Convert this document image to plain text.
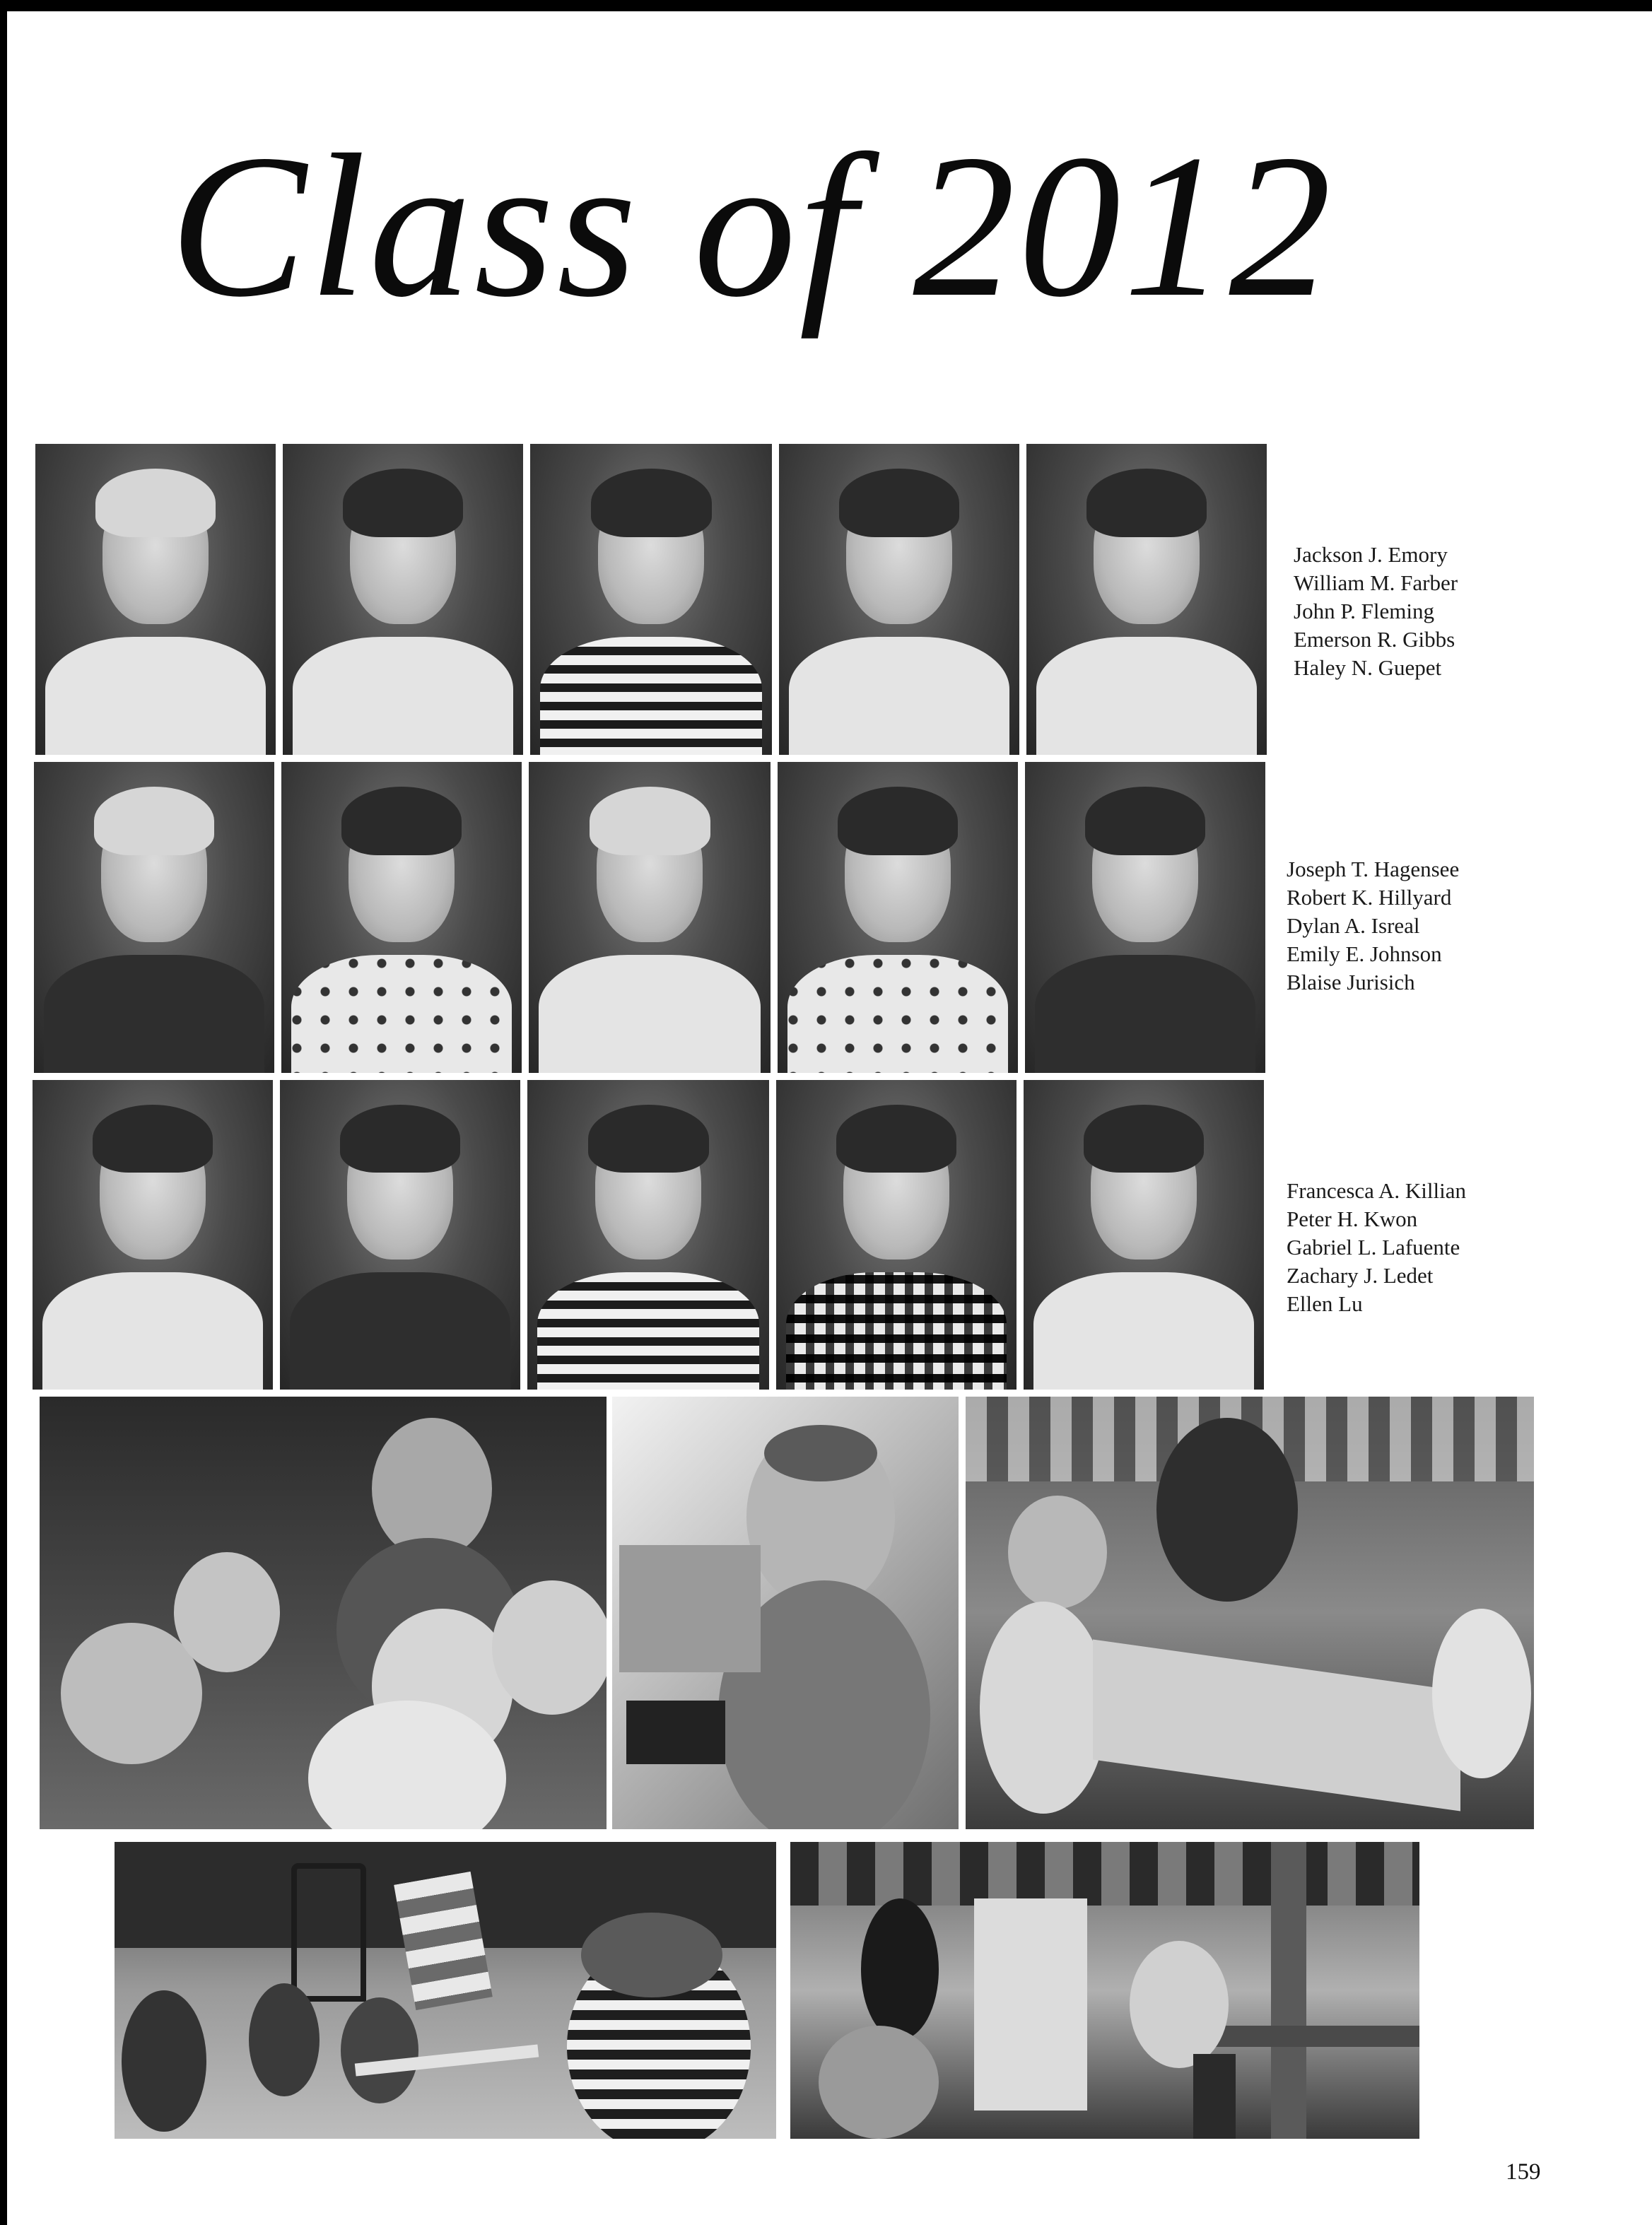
Class of 2012
Jackson J. Emory
William M. Farber
John P. Fleming
Emerson R. Gibbs
Haley N. Guepet
Joseph T. Hagensee
Robert K. Hillyard
Dylan A. Isreal
Emily E. Johnson
Blaise Jurisich
Francesca A. Killian
Peter H. Kwon
Gabriel L. Lafuente
Zachary J. Ledet
Ellen Lu
159
